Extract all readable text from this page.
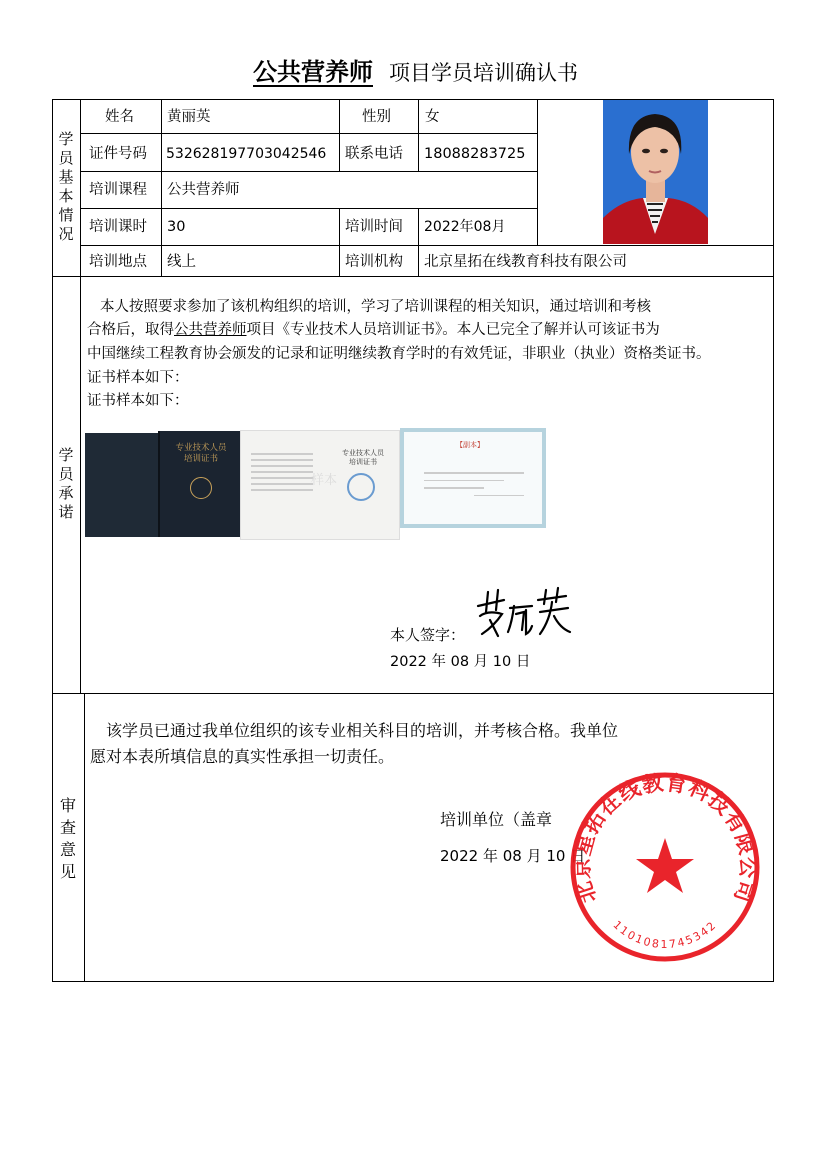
公共营养师 项目学员培训确认书
学员基本情况
姓名 黄丽英	性别 女
证件号码 532628197703042546 联系电话 18088283725
培训课程 公共营养师
培训课时 30	培训时间 2022年08月
培训地点 线上	培训机构 北京星拓在线教育科技有限公司
学员承诺
本人按照要求参加了该机构组织的培训，学习了培训课程的相关知识，通过培训和考核
合格后，取得公共营养师项目《专业技术人员培训证书》。本人已完全了解并认可该证书为
中国继续工程教育协会颁发的记录和证明继续教育学时的有效凭证，非职业（执业）资格类证书。
证书样本如下：
证书样本如下：
专业技术人员
培训证书
样本
专业技术人员
培训证书
【副本】
本人签字：
2022 年 08 月 10 日
审查意见
该学员已通过我单位组织的该专业相关科目的培训，并考核合格。我单位
愿对本表所填信息的真实性承担一切责任。
培训单位（盖章
2022 年 08 月 10 日
北京星拓在线教育科技有限公司
1101081745342
